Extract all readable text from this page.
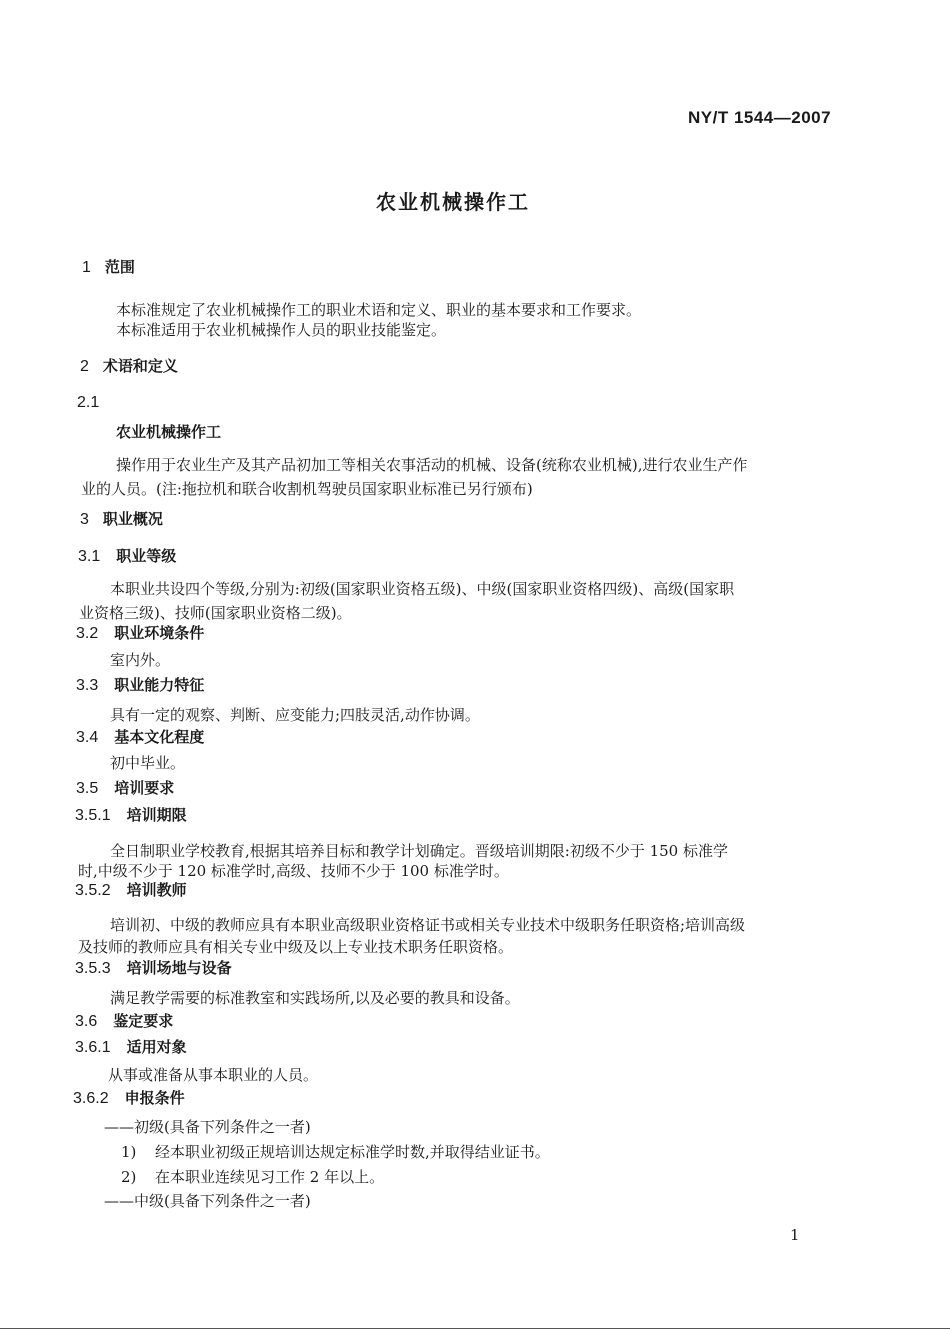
NY/T 1544—2007
农业机械操作工
1 范围
本标准规定了农业机械操作工的职业术语和定义、职业的基本要求和工作要求。
本标准适用于农业机械操作人员的职业技能鉴定。
2 术语和定义
2.1
农业机械操作工
操作用于农业生产及其产品初加工等相关农事活动的机械、设备(统称农业机械),进行农业生产作
业的人员。(注:拖拉机和联合收割机驾驶员国家职业标准已另行颁布)
3 职业概况
3.1 职业等级
本职业共设四个等级,分别为:初级(国家职业资格五级)、中级(国家职业资格四级)、高级(国家职
业资格三级)、技师(国家职业资格二级)。
3.2 职业环境条件
室内外。
3.3 职业能力特征
具有一定的观察、判断、应变能力;四肢灵活,动作协调。
3.4 基本文化程度
初中毕业。
3.5 培训要求
3.5.1 培训期限
全日制职业学校教育,根据其培养目标和教学计划确定。晋级培训期限:初级不少于 150 标准学
时,中级不少于 120 标准学时,高级、技师不少于 100 标准学时。
3.5.2 培训教师
培训初、中级的教师应具有本职业高级职业资格证书或相关专业技术中级职务任职资格;培训高级
及技师的教师应具有相关专业中级及以上专业技术职务任职资格。
3.5.3 培训场地与设备
满足教学需要的标准教室和实践场所,以及必要的教具和设备。
3.6 鉴定要求
3.6.1 适用对象
从事或准备从事本职业的人员。
3.6.2 申报条件
——初级(具备下列条件之一者)
1) 经本职业初级正规培训达规定标准学时数,并取得结业证书。
2) 在本职业连续见习工作 2 年以上。
——中级(具备下列条件之一者)
1
